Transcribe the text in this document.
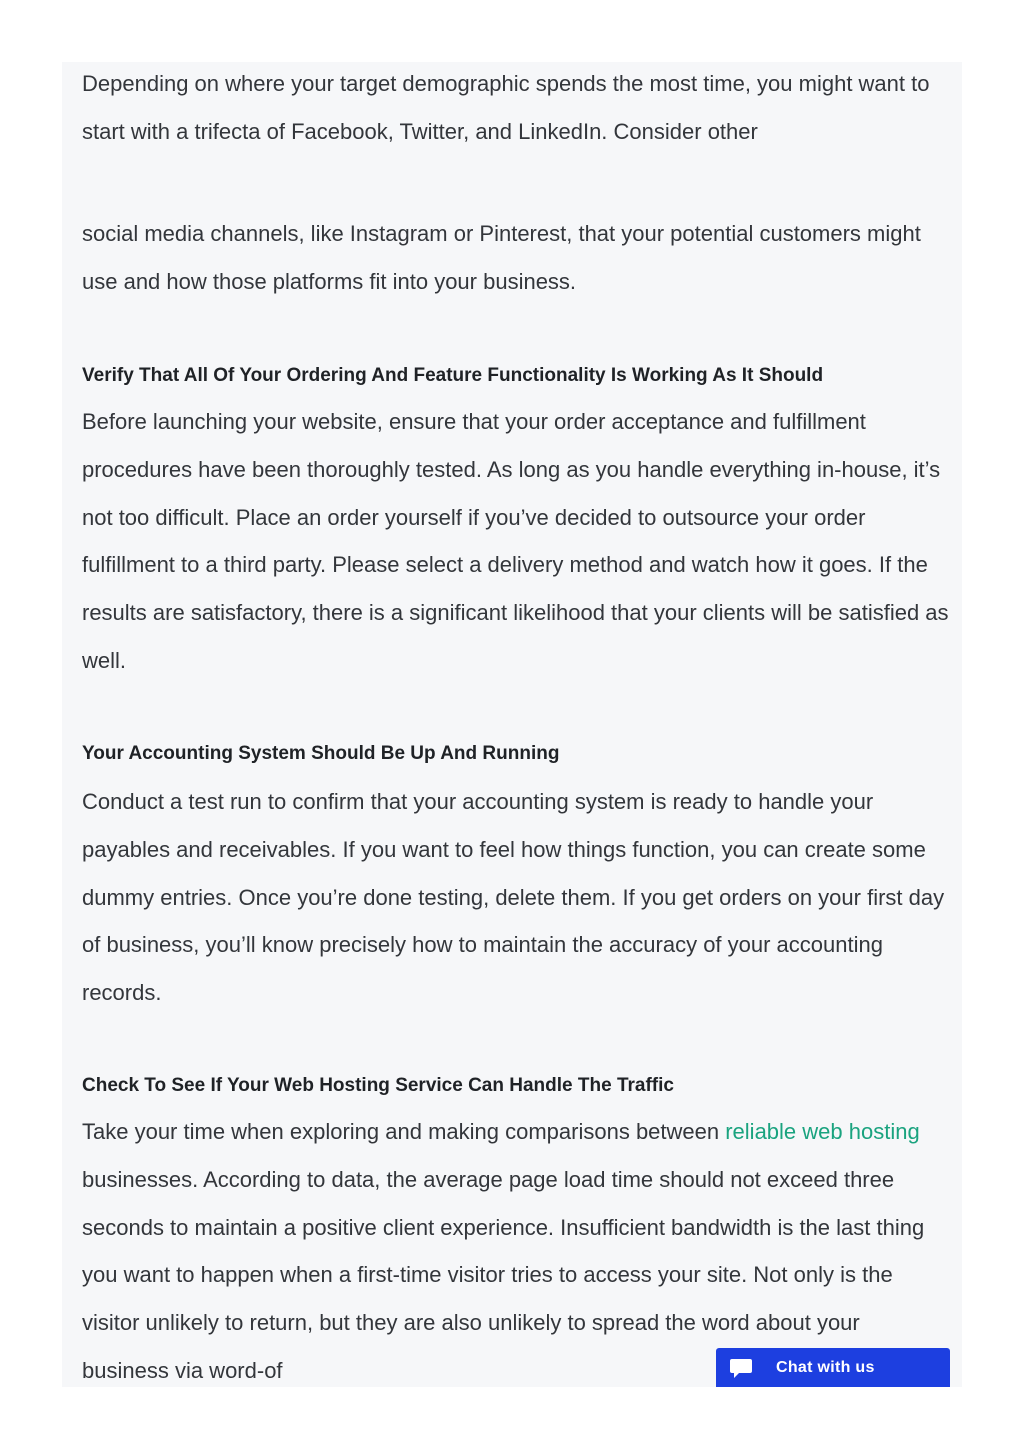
Depending on where your target demographic spends the most time, you might want to start with a trifecta of Facebook, Twitter, and LinkedIn. Consider other

social media channels, like Instagram or Pinterest, that your potential customers might use and how those platforms fit into your business.

Verify That All Of Your Ordering And Feature Functionality Is Working As It Should

Before launching your website, ensure that your order acceptance and fulfillment procedures have been thoroughly tested. As long as you handle everything in-house, it’s not too difficult. Place an order yourself if you’ve decided to outsource your order fulfillment to a third party. Please select a delivery method and watch how it goes. If the results are satisfactory, there is a significant likelihood that your clients will be satisfied as well.

Your Accounting System Should Be Up And Running

Conduct a test run to confirm that your accounting system is ready to handle your payables and receivables. If you want to feel how things function, you can create some dummy entries. Once you’re done testing, delete them. If you get orders on your first day of business, you’ll know precisely how to maintain the accuracy of your accounting records.

Check To See If Your Web Hosting Service Can Handle The Traffic

Take your time when exploring and making comparisons between reliable web hosting businesses. According to data, the average page load time should not exceed three seconds to maintain a positive client experience. Insufficient bandwidth is the last thing you want to happen when a first-time visitor tries to access your site. Not only is the visitor unlikely to return, but they are also unlikely to spread the word about your business via word-of	Chat with us
